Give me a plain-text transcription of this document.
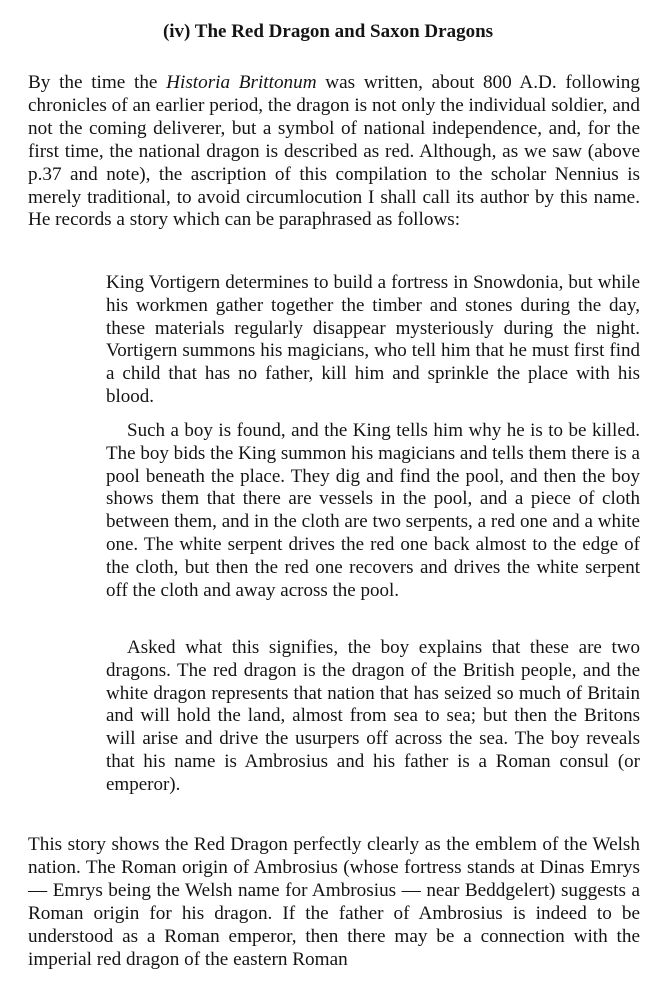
(iv) The Red Dragon and Saxon Dragons

By the time the Historia Brittonum was written, about 800 A.D. following chronicles of an earlier period, the dragon is not only the individual soldier, and not the coming deliverer, but a symbol of national independence, and, for the first time, the national dragon is described as red. Although, as we saw (above p.37 and note), the ascription of this compilation to the scholar Nennius is merely traditional, to avoid circumlocution I shall call its author by this name. He records a story which can be paraphrased as follows:

King Vortigern determines to build a fortress in Snowdonia, but while his workmen gather together the timber and stones during the day, these materials regularly disappear mysteriously during the night. Vortigern summons his magicians, who tell him that he must first find a child that has no father, kill him and sprinkle the place with his blood.

Such a boy is found, and the King tells him why he is to be killed. The boy bids the King summon his magicians and tells them there is a pool beneath the place. They dig and find the pool, and then the boy shows them that there are vessels in the pool, and a piece of cloth between them, and in the cloth are two serpents, a red one and a white one. The white serpent drives the red one back almost to the edge of the cloth, but then the red one recovers and drives the white serpent off the cloth and away across the pool.

Asked what this signifies, the boy explains that these are two dragons. The red dragon is the dragon of the British people, and the white dragon represents that nation that has seized so much of Britain and will hold the land, almost from sea to sea; but then the Britons will arise and drive the usurpers off across the sea. The boy reveals that his name is Ambrosius and his father is a Roman consul (or emperor).

This story shows the Red Dragon perfectly clearly as the emblem of the Welsh nation. The Roman origin of Ambrosius (whose fortress stands at Dinas Emrys — Emrys being the Welsh name for Ambrosius — near Beddgelert) suggests a Roman origin for his dragon. If the father of Ambrosius is indeed to be understood as a Roman emperor, then there may be a connection with the imperial red dragon of the eastern Roman
